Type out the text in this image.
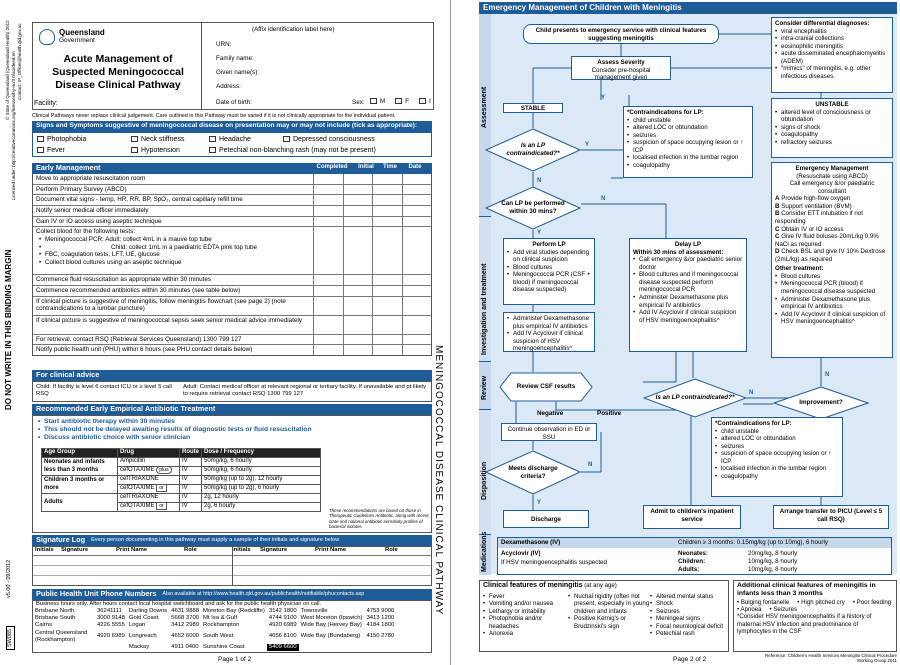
DO NOT WRITE IN THIS BINDING MARGIN
© State of Queensland (Queensland Health) 2012 Licensed under: http://creativecommons.org/licenses/by-nc/3.0/au/deed.en Contact: IP_Officer@health.qld.gov.au
v5.00 - 09/2012
SW085
MENINGOCOCCAL DISEASE CLINICAL PATHWAY
Queensland
Government
Acute Management of Suspected Meningococcal Disease Clinical Pathway
(Affix identification label here)
URN:
Family name:
Given name(s):
Address:
Date of birth:	Sex:	M	F	I
Facility:
Clinical Pathways never replace clinical judgement. Care outlined in this Pathway must be varied if it is not clinically appropriate for the individual patient.
Signs and Symptoms suggestive of meningococcal disease on presentation may or may not include (tick as appropriate):
Photophobia	Neck stiffness	Headache	Depressed consciousness
Fever	Hypotension	Petechial non-blanching rash (may not be present)
Early Management	Completed	Initial	Time	Date
Move to appropriate resuscitation room
Perform Primary Survey (ABCD)
Document vital signs - temp, HR, RR, BP, SpO₂, central capillary refill time
Notify senior medical officer immediately
Gain IV or IO access using aseptic technique
Collect blood for the following tests:
• Meningococcal PCR: Adult: collect 4mL in a mauve top tube
• Child: collect 1mL in a paediatric EDTA pink top tube
• FBC, coagulation tests, LFT, UE, glucose
• Collect blood cultures using an aseptic technique
Commence fluid resuscitation as appropriate within 30 minutes
Commence recommended antibiotics within 30 minutes (see table below)
If clinical picture is suggestive of meningitis, follow meningitis flowchart (see page 2) (note contraindications to a lumbar puncture)
If clinical picture is suggestive of meningococcal sepsis seek senior medical advice immediately
For retrieval, contact RSQ (Retrieval Services Queensland) 1300 799 127
Notify public health unit (PHU) within 6 hours (see PHU contact details below)
For clinical advice
Child: If facility is level 6 contact ICU or ≥ level 5 call RSQ
Adult: Contact medical officer at relevant regional or tertiary facility. If unavailable and pt likely to require retrieval contact RSQ 1300 799 127
Recommended Early Empirical Antibiotic Treatment
• Start antibiotic therapy within 30 minutes
• This should not be delayed awaiting results of diagnostic tests or fluid resuscitation
• Discuss antibiotic choice with senior clinician
Age Group	Drug	Route	Dose / Frequency
Neonates and infants less than 3 months	Ampicillin	IV	50mg/kg, 6 hourly
	cefOTAXIME plus	IV	50mg/kg, 6 hourly
Children 3 months or more	cefTRIAXONE	IV	50mg/kg (up to 2g), 12 hourly
	cefOTAXIME or	IV	50mg/kg (up to 2g), 6 hourly
Adults	cefTRIAXONE	IV	2g, 12 hourly
	cefOTAXIME or	IV	2g, 6 hourly
These recommendations are based on those in Therapeutic Guidelines Antibiotic, along with recent state and national antibiotic sensitivity profiles of bacterial isolates
Signature Log Every person documenting in this pathway must supply a sample of their initials and signature below
Initials	Signature	Print Name	Role	Initials	Signature	Print Name	Role
Public Health Unit Phone Numbers Also available at http://www.health.qld.gov.au/publichealth/notifiable/phucontacts.asp
Business hours only. After hours contact local hospital switchboard and ask for the public health physician on call.
Brisbane North	36241111	Darling Downs	4631 9888	Moreton Bay (Redcliffe)	3142 1800	Townsville	4753 9000
Brisbane South	3000 9148	Gold Coast	5668 3700	Mt Isa & Gulf	4744 9100	West Moreton (Ipswich)	3413 1200
Cairns	4226 5555	Logan	3412 2989	Rockhampton	4920 6989	Wide Bay (Hervey Bay)	4184 1800
Central Queensland (Rockhampton)	4920 6989	Longreach	4652 6000	South West	4656 8100	Wide Bay (Bundaberg)	4150 2780
		Mackay	4911 0400	Sunshine Coast	5409 6600		
Page 1 of 2
Emergency Management of Children with Meningitis
Assessment
Investigation and treatment
Review
Disposition
Medications
Y
N
Y
Y
N
N
N
N
Y
Child presents to emergency service with clinical features suggesting meningitis
Assess Severity
Consider pre-hospital management given
Consider differential diagnoses:
• viral encephalitis
• intra-cranial collections
• eosinophilic meningitis
• acute disseminated encephalomyelitis (ADEM)
• "mimics" of meningitis, e.g. other infectious diseases.
STABLE
UNSTABLE
• altered level of consciousness or obtundation
• signs of shock
• coagulopathy
• refractory seizures
Is an LP contraindicated?*
*Contraindications for LP:
• child unstable
• altered LOC or obtundation
• seizures
• suspicion of space occupying lesion or ↑ ICP
• localised infection in the lumbar region
• coagulopathy
Can LP be performed within 30 mins?
Emergency Management
(Resuscitate using ABCD)
Call emergency &/or paediatric consultant
A Provide high-flow oxygen
B Support ventilation (BVM)
B Consider ETT intubation if not responding
C Obtain IV or IO access
C Give IV fluid boluses 20mL/kg 0.9% NaCl as required
D Check BSL and give IV 10% Dextrose (2mL/kg) as required
Other treatment:
• Blood cultures
• Meningococcal PCR (blood) if meningococcal disease suspected
• Administer Dexamethasone plus empirical IV antibiotics
• Add IV Acyclovir if clinical suspicion of HSV meningoencephalitis^
Perform LP
• Add viral studies depending on clinical suspicion
• Blood cultures
• Meningococcal PCR (CSF + blood) if meningococcal disease suspected)
• Administer Dexamethasone plus empirical IV antibiotics
• Add IV Acyclovir if clinical suspicion of HSV meningoencephalitis^
Delay LP
Within 30 mins of assessment:
• Call emergency &/or paediatric senior doctor
• Blood cultures and if meningococcal disease suspected perform meningococcal PCR
• Administer Dexamethasone plus empirical IV antibiotics
• Add IV Acyclovir if clinical suspicion of HSV meningoencephalitis^
Review CSF results
Is an LP contraindicated?*
Improvement?
Negative	Positive
Continue observation in ED or SSU
*Contraindications for LP:
• child unstable
• altered LOC or obtundation
• seizures
• suspicion of space occupying lesion or ↑ ICP
• localised infection in the lumbar region
• coagulopathy
Meets discharge criteria?
Discharge
Admit to children's inpatient service
Arrange transfer to PICU (Level ≤ 5 call RSQ)
Dexamethasone (IV)	Children ≥ 3 months: 0.15mg/kg (up to 10mg), 6 hourly
Acyclovir (IV)
If HSV meningoencephalitis suspected
Neonates:	20mg/kg, 8 hourly
Children:	10mg/kg, 8 hourly
Adults:	10mg/kg, 8 hourly
Clinical features of meningitis (at any age)
• Fever
• Vomiting and/or nausea
• Lethargy or irritability
• Photophobia and/or headaches
• Anorexia
• Nuchal rigidity (often not present, especially in young children and infants
• Positive Kernig's or Brudzinski's sign
• Altered mental status
• Shock
• Seizures
• Meningeal signs
• Focal neurological deficit
• Petechial rash
Additional clinical features of meningitis in infants less than 3 months
• Bulging fontanelle • High pitched cry • Poor feeding
• Apnoea • Seizures
*Consider HSV meningoencephalitis if a history of maternal HSV infection and predominance of lymphocytes in the CSF
Reference: Children's Health Services Meningitis Clinical Procedure Working Group 2011
Page 2 of 2
